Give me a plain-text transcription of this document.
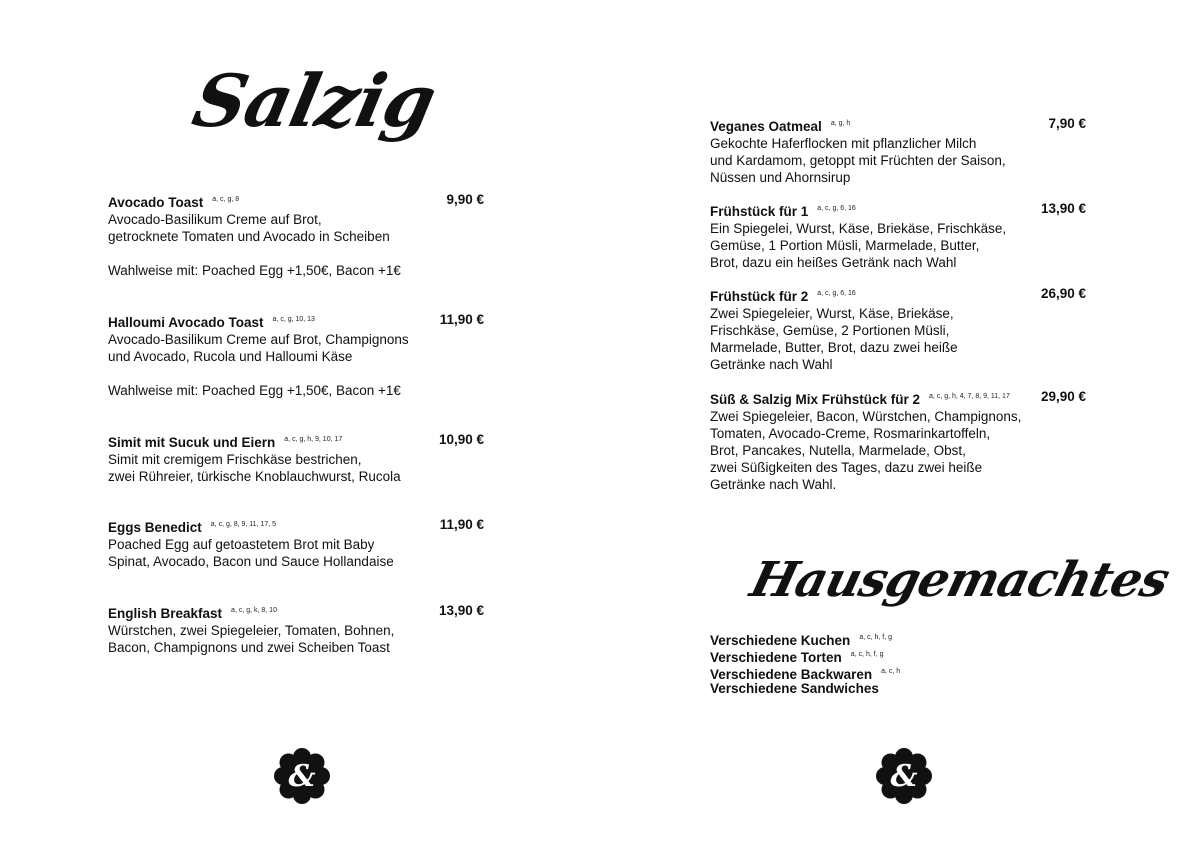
Salzig
Hausgemachtes
Avocado Toast $^{a, c, g, 8}$
Avocado-Basilikum Creme auf Brot,
getrocknete Tomaten und Avocado in Scheiben
Wahlweise mit: Poached Egg +1,50€, Bacon +1€
9,90 €
Halloumi Avocado Toast $^{a, c, g, 10, 13}$
Avocado-Basilikum Creme auf Brot, Champignons
und Avocado, Rucola und Halloumi Käse
Wahlweise mit: Poached Egg +1,50€, Bacon +1€
11,90 €
Simit mit Sucuk und Eiern $^{a, c, g, h, 9, 10, 17}$
Simit mit cremigem Frischkäse bestrichen,
zwei Rühreier, türkische Knoblauchwurst, Rucola
10,90 €
Eggs Benedict $^{a, c, g, 8, 9, 11, 17, 5}$
Poached Egg auf getoastetem Brot mit Baby
Spinat, Avocado, Bacon und Sauce Hollandaise
11,90 €
English Breakfast $^{a, c, g, k, 8, 10}$
Würstchen, zwei Spiegeleier, Tomaten, Bohnen,
Bacon, Champignons und zwei Scheiben Toast
13,90 €
Veganes Oatmeal $^{a, g, h}$
Gekochte Haferflocken mit pflanzlicher Milch
und Kardamom, getoppt mit Früchten der Saison,
Nüssen und Ahornsirup
7,90 €
Frühstück für 1 $^{a, c, g, 6, 16}$
Ein Spiegelei, Wurst, Käse, Briekäse, Frischkäse,
Gemüse, 1 Portion Müsli, Marmelade, Butter,
Brot, dazu ein heißes Getränk nach Wahl
13,90 €
Frühstück für 2 $^{a, c, g, 6, 16}$
Zwei Spiegeleier, Wurst, Käse, Briekäse,
Frischkäse, Gemüse, 2 Portionen Müsli,
Marmelade, Butter, Brot, dazu zwei heiße
Getränke nach Wahl
26,90 €
Süß & Salzig Mix Frühstück für 2 $^{a, c, g, h, 4, 7, 8, 9, 11, 17}$
Zwei Spiegeleier, Bacon, Würstchen, Champignons,
Tomaten, Avocado-Creme, Rosmarinkartoffeln,
Brot, Pancakes, Nutella, Marmelade, Obst,
zwei Süßigkeiten des Tages, dazu zwei heiße
Getränke nach Wahl.
29,90 €
Verschiedene Kuchen $^{a, c, h, f, g}$
Verschiedene Torten $^{a, c, h, f, g}$
Verschiedene Backwaren $^{a, c, h}$
Verschiedene Sandwiches
&	&
